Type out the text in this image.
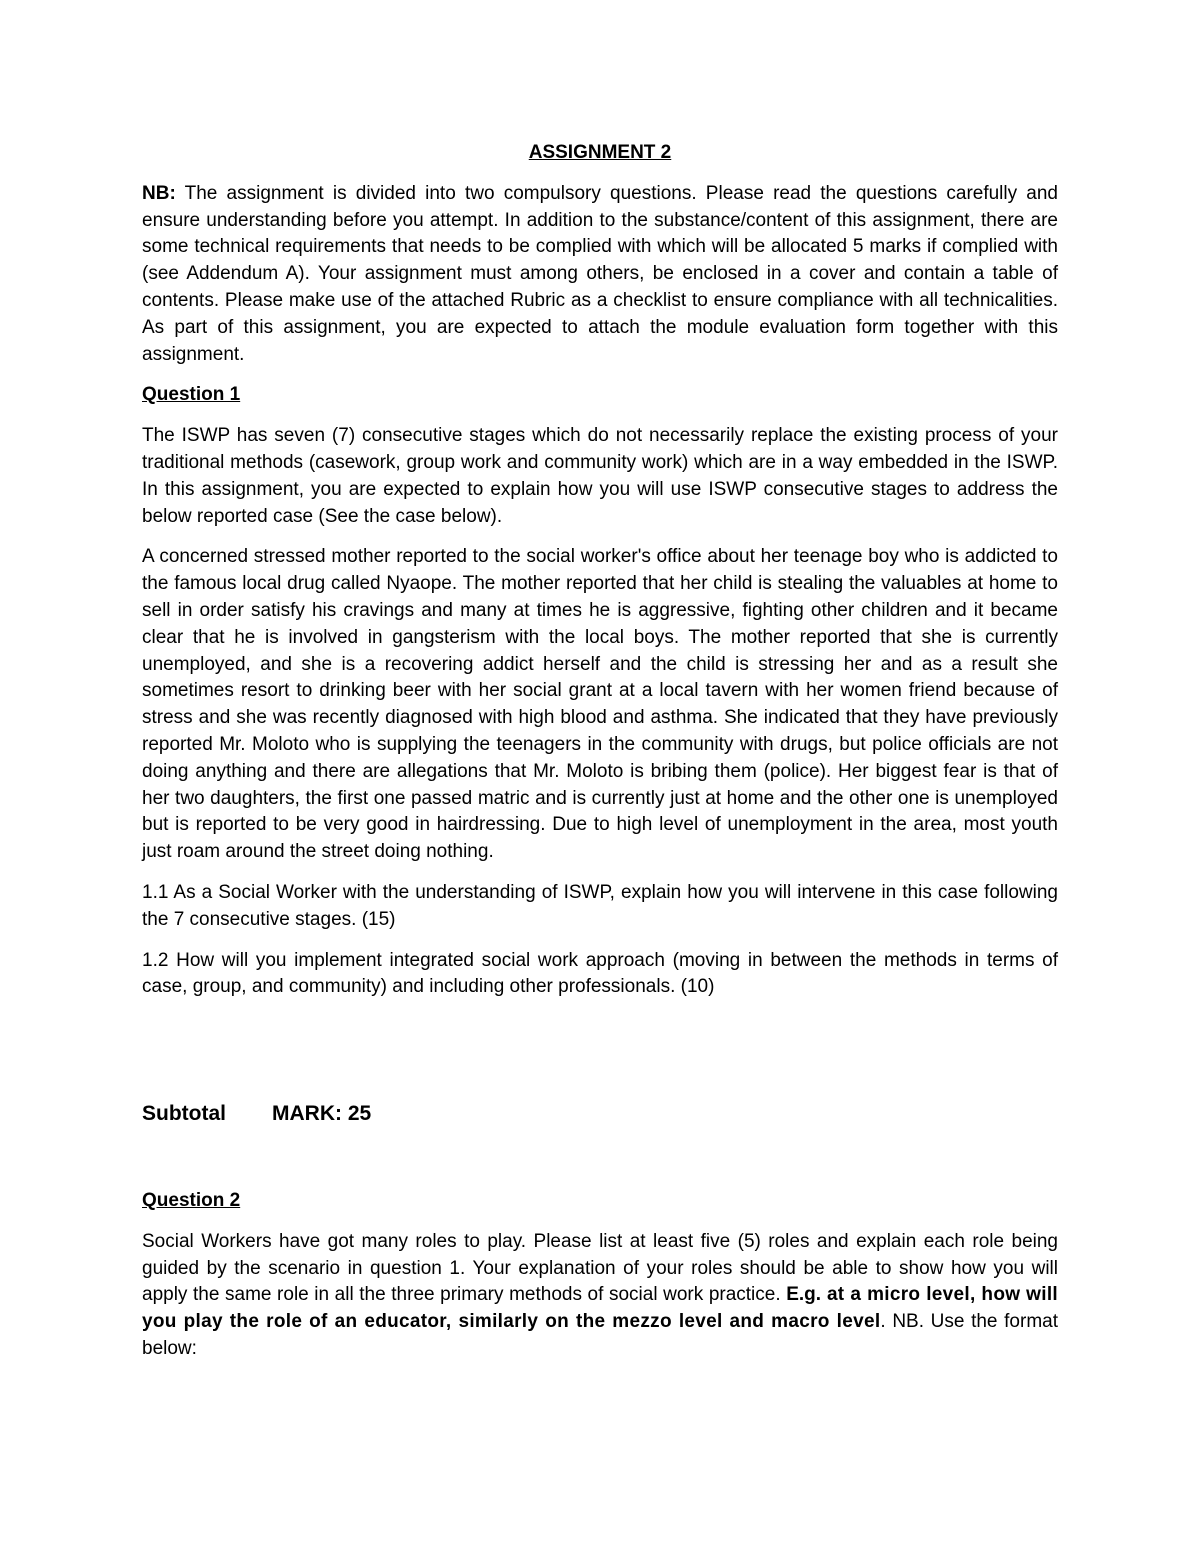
ASSIGNMENT 2

NB: The assignment is divided into two compulsory questions. Please read the questions carefully and ensure understanding before you attempt. In addition to the substance/content of this assignment, there are some technical requirements that needs to be complied with which will be allocated 5 marks if complied with (see Addendum A). Your assignment must among others, be enclosed in a cover and contain a table of contents. Please make use of the attached Rubric as a checklist to ensure compliance with all technicalities. As part of this assignment, you are expected to attach the module evaluation form together with this assignment.

Question 1

The ISWP has seven (7) consecutive stages which do not necessarily replace the existing process of your traditional methods (casework, group work and community work) which are in a way embedded in the ISWP. In this assignment, you are expected to explain how you will use ISWP consecutive stages to address the below reported case (See the case below).

A concerned stressed mother reported to the social worker's office about her teenage boy who is addicted to the famous local drug called Nyaope. The mother reported that her child is stealing the valuables at home to sell in order satisfy his cravings and many at times he is aggressive, fighting other children and it became clear that he is involved in gangsterism with the local boys. The mother reported that she is currently unemployed, and she is a recovering addict herself and the child is stressing her and as a result she sometimes resort to drinking beer with her social grant at a local tavern with her women friend because of stress and she was recently diagnosed with high blood and asthma. She indicated that they have previously reported Mr. Moloto who is supplying the teenagers in the community with drugs, but police officials are not doing anything and there are allegations that Mr. Moloto is bribing them (police). Her biggest fear is that of her two daughters, the first one passed matric and is currently just at home and the other one is unemployed but is reported to be very good in hairdressing. Due to high level of unemployment in the area, most youth just roam around the street doing nothing.

1.1 As a Social Worker with the understanding of ISWP, explain how you will intervene in this case following the 7 consecutive stages. (15)

1.2 How will you implement integrated social work approach (moving in between the methods in terms of case, group, and community) and including other professionals. (10)

Subtotal MARK: 25

Question 2

Social Workers have got many roles to play. Please list at least five (5) roles and explain each role being guided by the scenario in question 1. Your explanation of your roles should be able to show how you will apply the same role in all the three primary methods of social work practice. E.g. at a micro level, how will you play the role of an educator, similarly on the mezzo level and macro level. NB. Use the format below:
